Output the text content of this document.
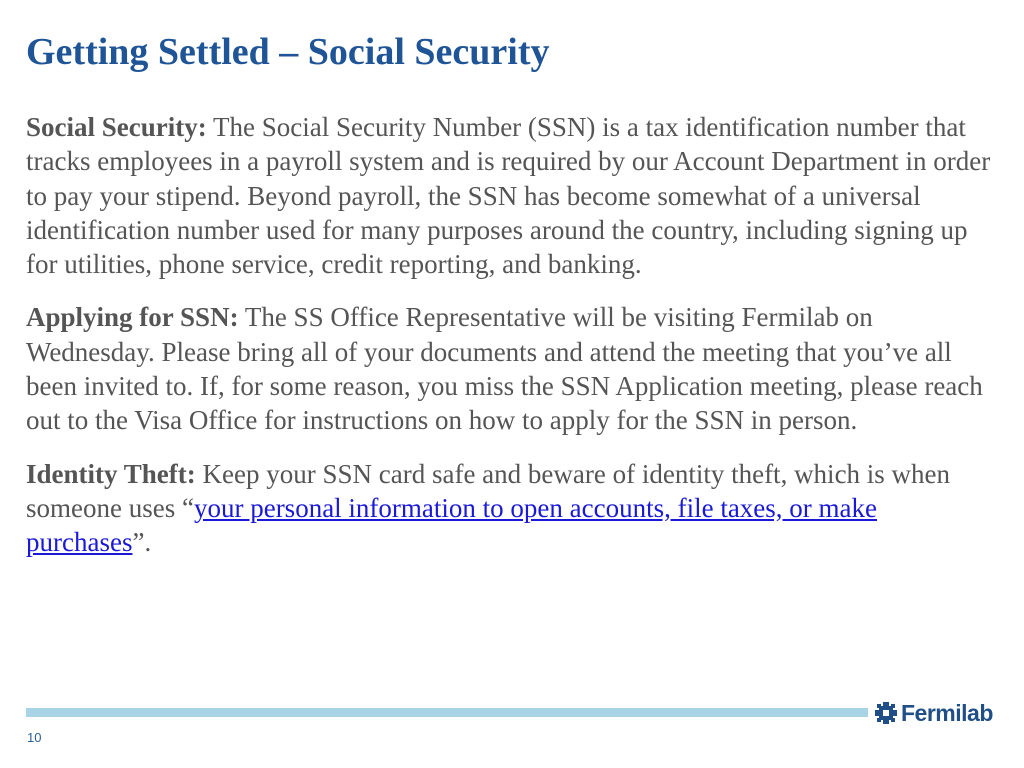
Getting Settled – Social Security

Social Security: The Social Security Number (SSN) is a tax identification number that tracks employees in a payroll system and is required by our Account Department in order to pay your stipend. Beyond payroll, the SSN has become somewhat of a universal identification number used for many purposes around the country, including signing up for utilities, phone service, credit reporting, and banking.

Applying for SSN: The SS Office Representative will be visiting Fermilab on Wednesday. Please bring all of your documents and attend the meeting that you’ve all been invited to. If, for some reason, you miss the SSN Application meeting, please reach out to the Visa Office for instructions on how to apply for the SSN in person.

Identity Theft: Keep your SSN card safe and beware of identity theft, which is when someone uses “your personal information to open accounts, file taxes, or make purchases”.

Fermilab
10
